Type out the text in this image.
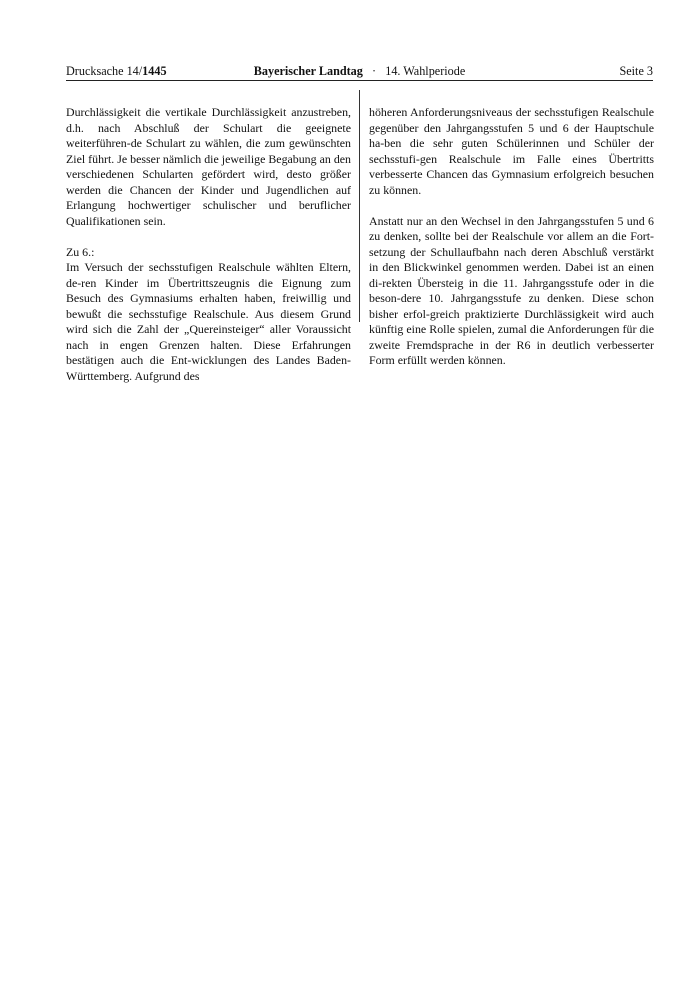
Drucksache 14/1445	Bayerischer Landtag · 14. Wahlperiode	Seite 3

Durchlässigkeit die vertikale Durchlässigkeit anzustreben, d.h. nach Abschluß der Schulart die geeignete weiterführen-de Schulart zu wählen, die zum gewünschten Ziel führt. Je besser nämlich die jeweilige Begabung an den verschiedenen Schularten gefördert wird, desto größer werden die Chancen der Kinder und Jugendlichen auf Erlangung hochwertiger schulischer und beruflicher Qualifikationen sein.

Zu 6.:

Im Versuch der sechsstufigen Realschule wählten Eltern, de-ren Kinder im Übertrittszeugnis die Eignung zum Besuch des Gymnasiums erhalten haben, freiwillig und bewußt die sechsstufige Realschule. Aus diesem Grund wird sich die Zahl der „Quereinsteiger“ aller Voraussicht nach in engen Grenzen halten. Diese Erfahrungen bestätigen auch die Ent-wicklungen des Landes Baden-Württemberg. Aufgrund des

höheren Anforderungsniveaus der sechsstufigen Realschule gegenüber den Jahrgangsstufen 5 und 6 der Hauptschule ha-ben die sehr guten Schülerinnen und Schüler der sechsstufi-gen Realschule im Falle eines Übertritts verbesserte Chancen das Gymnasium erfolgreich besuchen zu können.

Anstatt nur an den Wechsel in den Jahrgangsstufen 5 und 6 zu denken, sollte bei der Realschule vor allem an die Fort-setzung der Schullaufbahn nach deren Abschluß verstärkt in den Blickwinkel genommen werden. Dabei ist an einen di-rekten Übersteig in die 11. Jahrgangsstufe oder in die beson-dere 10. Jahrgangsstufe zu denken. Diese schon bisher erfol-greich praktizierte Durchlässigkeit wird auch künftig eine Rolle spielen, zumal die Anforderungen für die zweite Fremdsprache in der R6 in deutlich verbesserter Form erfüllt werden können.
